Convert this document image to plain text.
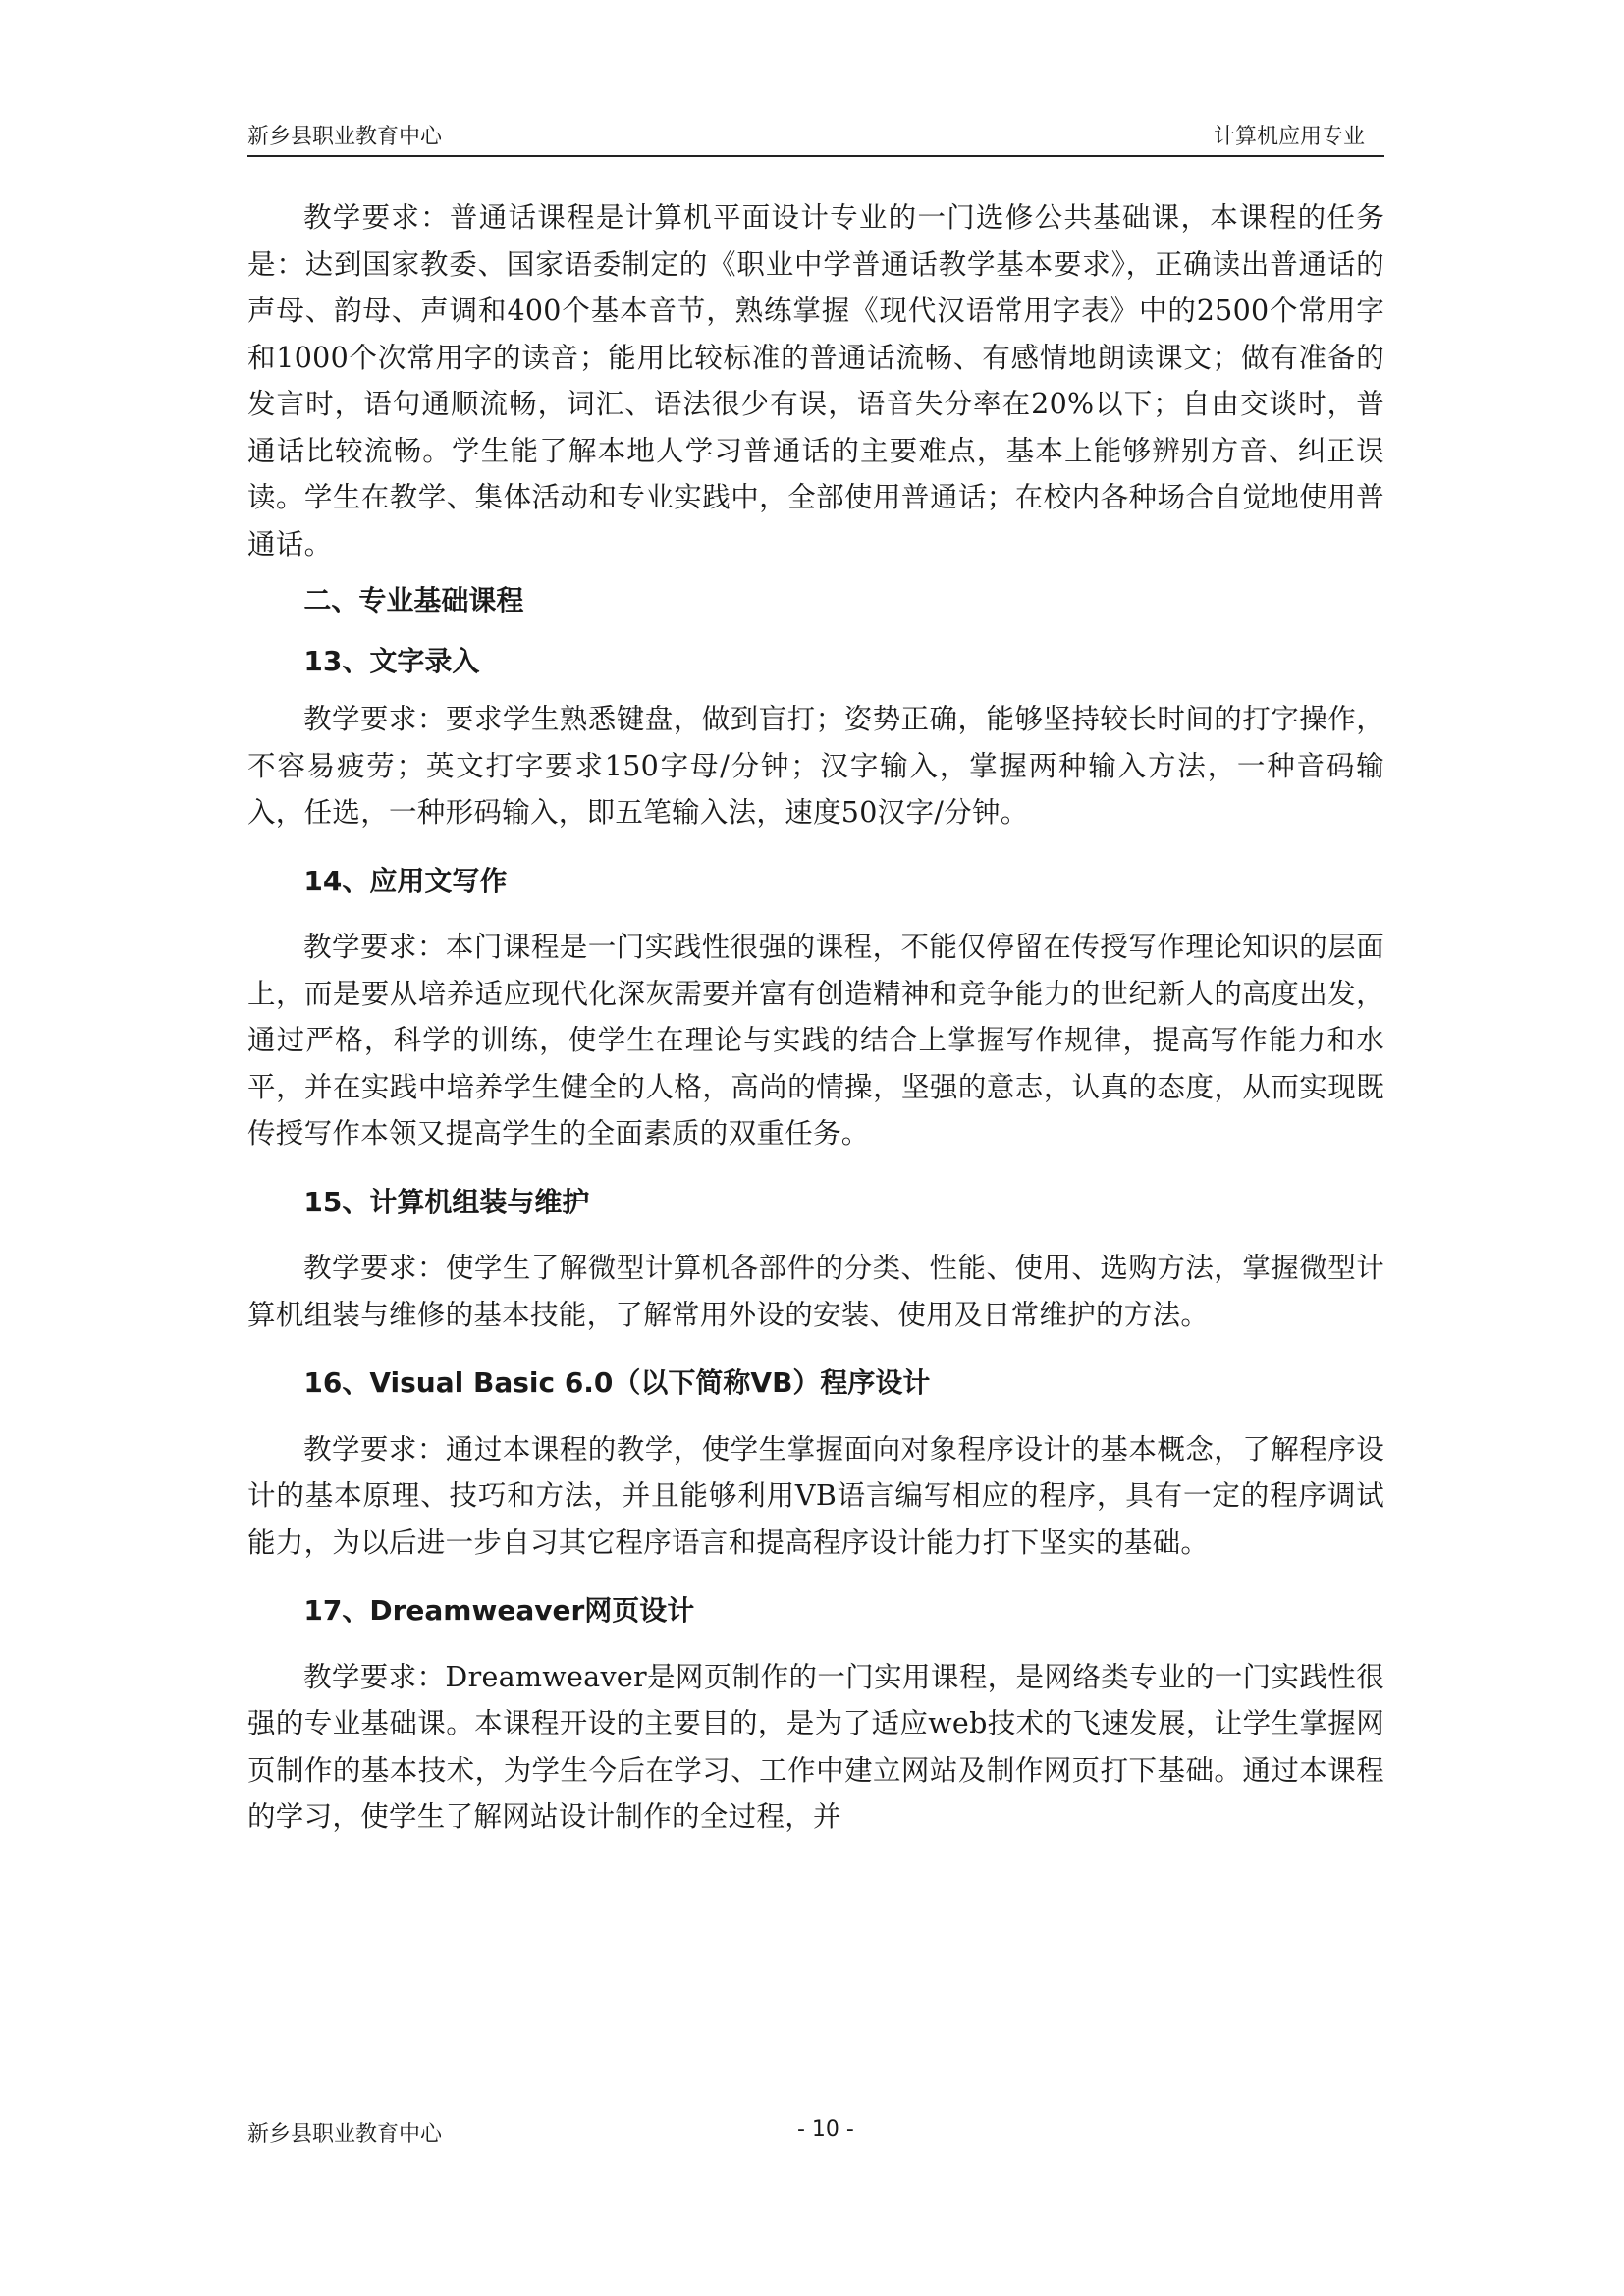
新乡县职业教育中心	计算机应用专业

教学要求：普通话课程是计算机平面设计专业的一门选修公共基础课，本课程的任务是：达到国家教委、国家语委制定的《职业中学普通话教学基本要求》，正确读出普通话的声母、韵母、声调和400个基本音节，熟练掌握《现代汉语常用字表》中的2500个常用字和1000个次常用字的读音；能用比较标准的普通话流畅、有感情地朗读课文；做有准备的发言时，语句通顺流畅，词汇、语法很少有误，语音失分率在20%以下；自由交谈时，普通话比较流畅。学生能了解本地人学习普通话的主要难点，基本上能够辨别方音、纠正误读。学生在教学、集体活动和专业实践中，全部使用普通话；在校内各种场合自觉地使用普通话。

二、专业基础课程

13、文字录入

教学要求：要求学生熟悉键盘，做到盲打；姿势正确，能够坚持较长时间的打字操作，不容易疲劳；英文打字要求150字母/分钟；汉字输入，掌握两种输入方法，一种音码输入，任选，一种形码输入，即五笔输入法，速度50汉字/分钟。

14、应用文写作

教学要求：本门课程是一门实践性很强的课程，不能仅停留在传授写作理论知识的层面上，而是要从培养适应现代化深灰需要并富有创造精神和竞争能力的世纪新人的高度出发，通过严格，科学的训练，使学生在理论与实践的结合上掌握写作规律，提高写作能力和水平，并在实践中培养学生健全的人格，高尚的情操，坚强的意志，认真的态度，从而实现既传授写作本领又提高学生的全面素质的双重任务。

15、计算机组装与维护

教学要求：使学生了解微型计算机各部件的分类、性能、使用、选购方法，掌握微型计算机组装与维修的基本技能，了解常用外设的安装、使用及日常维护的方法。

16、Visual Basic 6.0（以下简称VB）程序设计

教学要求：通过本课程的教学，使学生掌握面向对象程序设计的基本概念，了解程序设计的基本原理、技巧和方法，并且能够利用VB语言编写相应的程序，具有一定的程序调试能力，为以后进一步自习其它程序语言和提高程序设计能力打下坚实的基础。

17、Dreamweaver网页设计

教学要求：Dreamweaver是网页制作的一门实用课程，是网络类专业的一门实践性很强的专业基础课。本课程开设的主要目的，是为了适应web技术的飞速发展，让学生掌握网页制作的基本技术，为学生今后在学习、工作中建立网站及制作网页打下基础。通过本课程的学习，使学生了解网站设计制作的全过程，并

新乡县职业教育中心	- 10 -
